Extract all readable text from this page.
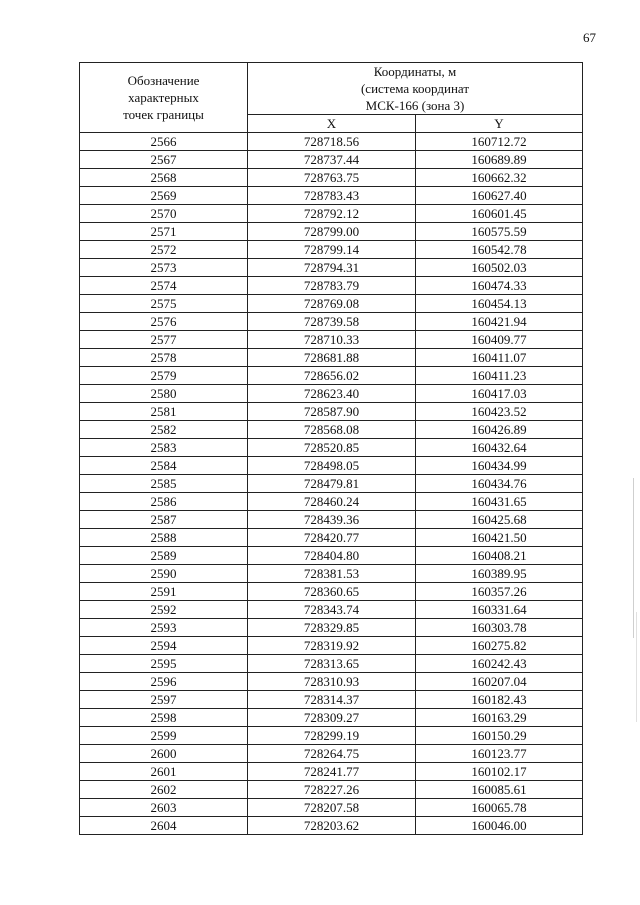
67
Обозначение
характерных
точек границы	Координаты, м
(система координат
МСК-166 (зона 3)	
	X	Y
2566	728718.56	160712.72
2567	728737.44	160689.89
2568	728763.75	160662.32
2569	728783.43	160627.40
2570	728792.12	160601.45
2571	728799.00	160575.59
2572	728799.14	160542.78
2573	728794.31	160502.03
2574	728783.79	160474.33
2575	728769.08	160454.13
2576	728739.58	160421.94
2577	728710.33	160409.77
2578	728681.88	160411.07
2579	728656.02	160411.23
2580	728623.40	160417.03
2581	728587.90	160423.52
2582	728568.08	160426.89
2583	728520.85	160432.64
2584	728498.05	160434.99
2585	728479.81	160434.76
2586	728460.24	160431.65
2587	728439.36	160425.68
2588	728420.77	160421.50
2589	728404.80	160408.21
2590	728381.53	160389.95
2591	728360.65	160357.26
2592	728343.74	160331.64
2593	728329.85	160303.78
2594	728319.92	160275.82
2595	728313.65	160242.43
2596	728310.93	160207.04
2597	728314.37	160182.43
2598	728309.27	160163.29
2599	728299.19	160150.29
2600	728264.75	160123.77
2601	728241.77	160102.17
2602	728227.26	160085.61
2603	728207.58	160065.78
2604	728203.62	160046.00
